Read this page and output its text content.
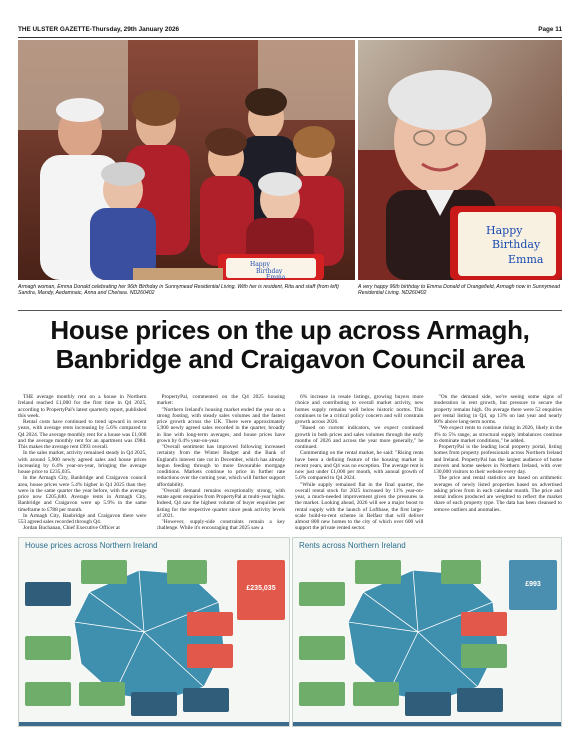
THE ULSTER GAZETTE-Thursday, 29th January 2026	Page 11
Happy
Birthday
Emma
Happy
Birthday
Emma
Armagh woman, Emma Donald celebrating her 96th Birthday in Sunnymead Residential Living. With her is resident, Rita and staff (from left) Sandra, Mandy, Aedamnaic, Anna and Chelsea. ND260402
A very happy 96th birthday to Emma Donald of Orangefield, Armagh now in Sunnymead Residential Living. ND260402
House prices on the up across Armagh, Banbridge and Craigavon Council area

THE average monthly rent on a house in Northern Ireland reached £1,000 for the first time in Q4 2025, according to PropertyPal's latest quarterly report, published this week.

Rental costs have continued to trend upward in recent years, with average rents increasing by 5.6% compared to Q4 2024. The average monthly rent for a house was £1,000 and the average monthly rent for an apartment was £984. This makes the average rent £993 overall.

In the sales market, activity remained steady in Q4 2025, with around 5,900 newly agreed sales and house prices increasing by 6.4% year-on-year, bringing the average house price to £235,035.

In the Armagh City, Banbridge and Craigavon council area, house prices were 5.4% higher in Q4 2025 than they were in the same quarter the year before, with the average price now £205,840. Average rents in Armagh City, Banbridge and Craigavon were up 5.9% in the same timeframe to £788 per month.

In Armagh City, Banbridge and Craigavon there were 553 agreed sales recorded through Q4.

Jordan Buchanan, Chief Executive Officer at

PropertyPal, commented on the Q4 2025 housing market:

"Northern Ireland's housing market ended the year on a strong footing, with steady sales volumes and the fastest price growth across the UK. There were approximately 5,900 newly agreed sales recorded in the quarter, broadly in line with long-term averages, and house prices have grown by 6.4% year-on-year.

"Overall sentiment has improved following increased certainty from the Winter Budget and the Bank of England's interest rate cut in December, which has already begun feeding through to more favourable mortgage conditions. Markets continue to price in further rate reductions over the coming year, which will further support affordability.

"Overall demand remains exceptionally strong, with estate agent enquiries from PropertyPal at multi-year highs. Indeed, Q4 saw the highest volume of buyer enquiries per listing for the respective quarter since peak activity levels of 2021.

"However, supply-side constraints remain a key challenge. While it's encouraging that 2025 saw a

6% increase in resale listings, growing buyers more choice and contributing to overall market activity, new homes supply remains well below historic norms. This continues to be a critical policy concern and will constrain growth across 2026.

"Based on current indicators, we expect continued growth in both prices and sales volumes through the early months of 2026 and across the year more generally," he continued.

Commenting on the rental market, he said: "Rising rents have been a defining feature of the housing market in recent years, and Q4 was no exception. The average rent is now just under £1,000 per month, with annual growth of 5.6% compared to Q4 2024.

"While supply remained flat in the final quarter, the overall rental stock for 2025 increased by 11% year-on-year, a much-needed improvement given the pressures in the market. Looking ahead, 2026 will see a major boost to rental supply with the launch of Loftbase, the first large-scale build-to-rent scheme in Belfast that will deliver almost 800 new homes to the city of which over 600 will support the private rented sector.

"On the demand side, we're seeing some signs of moderation in rent growth, but pressure to secure the property remains high. On average there were 52 enquiries per rental listing in Q4, up 13% on last year and nearly 60% above long-term norms.

"We expect rents to continue rising in 2026, likely in the 4% to 5% range, as structural supply imbalances continue to dominate market conditions," he added.

PropertyPal is the leading local property portal, listing homes from property professionals across Northern Ireland and Ireland. PropertyPal has the largest audience of home movers and home seekers in Northern Ireland, with over 130,000 visitors to their website every day.

The price and rental statistics are based on arithmetic averages of newly listed properties based on advertised asking prices from in each calendar month. The price and rental indices produced are weighted to reflect the market share of each property type. The data has been cleansed to remove outliers and anomalies.

House prices across Northern Ireland
£235,035
Rents across Northern Ireland
£993
